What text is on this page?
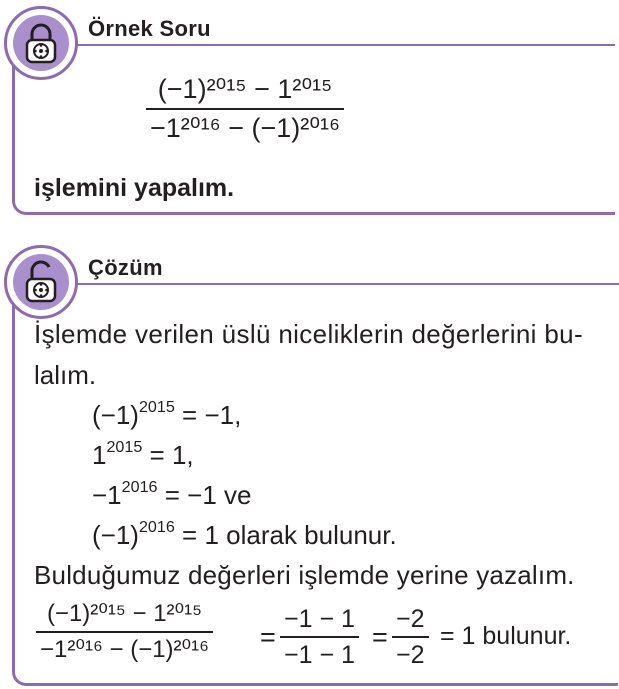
Örnek Soru
(−1)²⁰¹⁵ − 1²⁰¹⁵
−1²⁰¹⁶ − (−1)²⁰¹⁶
işlemini yapalım.
Çözüm
İşlemde verilen üslü niceliklerin değerlerini bu-
lalım.
$(-1)^{2015} = -1$,
$1^{2015} = 1$,
$-1^{2016} = -1$ ve
$(-1)^{2016} = 1$ olarak bulunur.
Bulduğumuz değerleri işlemde yerine yazalım.
(−1)²⁰¹⁵ − 1²⁰¹⁵
−1²⁰¹⁶ − (−1)²⁰¹⁶ =
−1 − 1
−1 − 1
=
−2
−2
= 1 bulunur.
